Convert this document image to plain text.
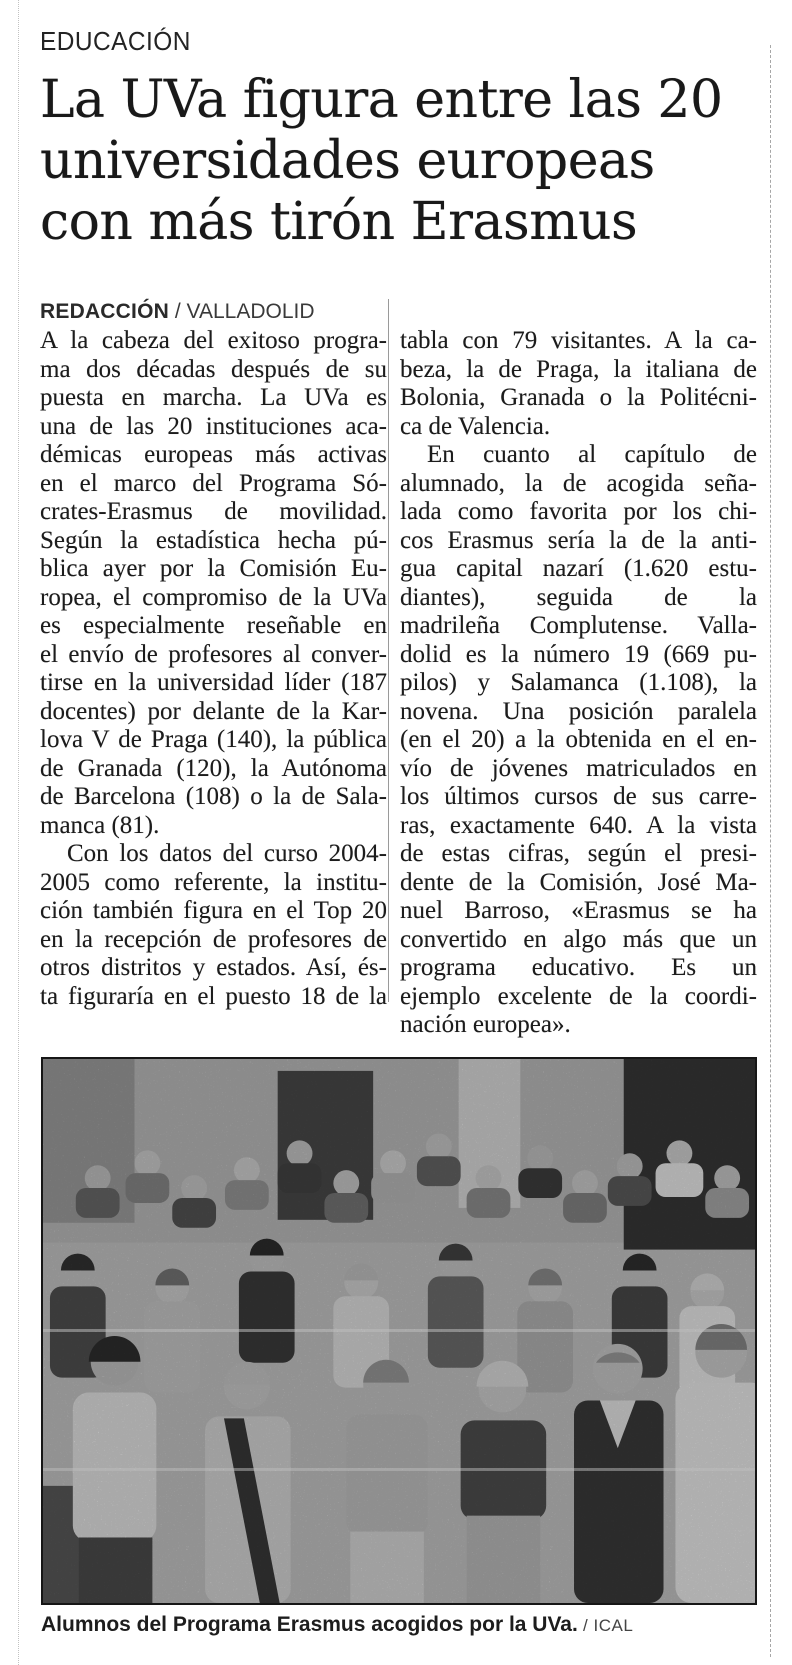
EDUCACIÓN
La UVa figura entre las 20
universidades europeas
con más tirón Erasmus
REDACCIÓN / VALLADOLID
A la cabeza del exitoso progra-
ma dos décadas después de su
puesta en marcha. La UVa es
una de las 20 instituciones aca-
démicas europeas más activas
en el marco del Programa Só-
crates-Erasmus de movilidad.
Según la estadística hecha pú-
blica ayer por la Comisión Eu-
ropea, el compromiso de la UVa
es especialmente reseñable en
el envío de profesores al conver-
tirse en la universidad líder (187
docentes) por delante de la Kar-
lova V de Praga (140), la pública
de Granada (120), la Autónoma
de Barcelona (108) o la de Sala-
manca (81).
Con los datos del curso 2004-
2005 como referente, la institu-
ción también figura en el Top 20
en la recepción de profesores de
otros distritos y estados. Así, és-
ta figuraría en el puesto 18 de la
tabla con 79 visitantes. A la ca-
beza, la de Praga, la italiana de
Bolonia, Granada o la Politécni-
ca de Valencia.
En cuanto al capítulo de
alumnado, la de acogida seña-
lada como favorita por los chi-
cos Erasmus sería la de la anti-
gua capital nazarí (1.620 estu-
diantes), seguida de la
madrileña Complutense. Valla-
dolid es la número 19 (669 pu-
pilos) y Salamanca (1.108), la
novena. Una posición paralela
(en el 20) a la obtenida en el en-
vío de jóvenes matriculados en
los últimos cursos de sus carre-
ras, exactamente 640. A la vista
de estas cifras, según el presi-
dente de la Comisión, José Ma-
nuel Barroso, «Erasmus se ha
convertido en algo más que un
programa educativo. Es un
ejemplo excelente de la coordi-
nación europea».
Alumnos del Programa Erasmus acogidos por la UVa. / ICAL
